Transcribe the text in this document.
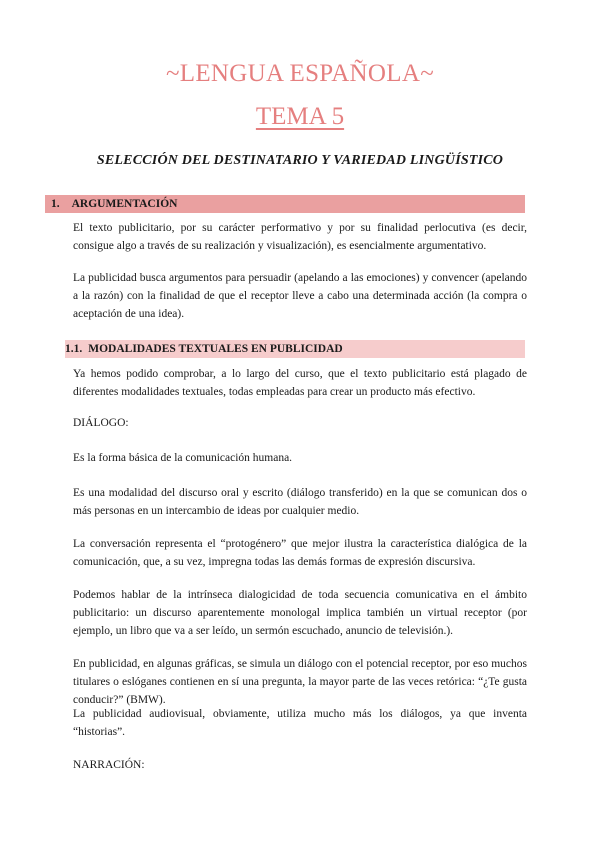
~LENGUA ESPAÑOLA~
TEMA 5
SELECCIÓN DEL DESTINATARIO Y VARIEDAD LINGÜÍSTICO
1. ARGUMENTACIÓN

El texto publicitario, por su carácter performativo y por su finalidad perlocutiva (es decir, consigue algo a través de su realización y visualización), es esencialmente argumentativo.

La publicidad busca argumentos para persuadir (apelando a las emociones) y convencer (apelando a la razón) con la finalidad de que el receptor lleve a cabo una determinada acción (la compra o aceptación de una idea).

1.1. MODALIDADES TEXTUALES EN PUBLICIDAD

Ya hemos podido comprobar, a lo largo del curso, que el texto publicitario está plagado de diferentes modalidades textuales, todas empleadas para crear un producto más efectivo.

DIÁLOGO:

Es la forma básica de la comunicación humana.

Es una modalidad del discurso oral y escrito (diálogo transferido) en la que se comunican dos o más personas en un intercambio de ideas por cualquier medio.

La conversación representa el “protogénero” que mejor ilustra la característica dialógica de la comunicación, que, a su vez, impregna todas las demás formas de expresión discursiva.

Podemos hablar de la intrínseca dialogicidad de toda secuencia comunicativa en el ámbito publicitario: un discurso aparentemente monologal implica también un virtual receptor (por ejemplo, un libro que va a ser leído, un sermón escuchado, anuncio de televisión.).

En publicidad, en algunas gráficas, se simula un diálogo con el potencial receptor, por eso muchos titulares o eslóganes contienen en sí una pregunta, la mayor parte de las veces retórica: “¿Te gusta conducir?” (BMW).

La publicidad audiovisual, obviamente, utiliza mucho más los diálogos, ya que inventa “historias”.

NARRACIÓN:
